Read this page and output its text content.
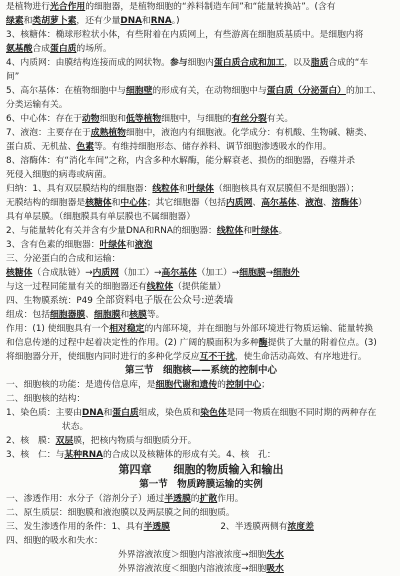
是植物进行光合作用的细胞器，是植物细胞的“养料制造车间”和“能量转换站”。(含有
绿素和类胡萝卜素，还有少量DNA和RNA。)
3、核糖体：椭球形粒状小体，有些附着在内质网上，有些游离在细胞质基质中。是细胞内将
氨基酸合成蛋白质的场所。
4、内质网：由膜结构连接而成的网状物。参与细胞内蛋白质合成和加工，以及脂质合成的“车
间”
5、高尔基体：在植物细胞中与细胞壁的形成有关，在动物细胞中与蛋白质（分泌蛋白）的加工、
分类运输有关。
6、中心体：存在于动物细胞和低等植物细胞中，与细胞的有丝分裂有关。
7、液泡：主要存在于成熟植物细胞中，液泡内有细胞液。化学成分：有机酸、生物碱、糖类、
蛋白质、无机盐、色素等。有维持细胞形态、储存养料、调节细胞渗透吸水的作用。
8、溶酶体：有“消化车间”之称，内含多种水解酶，能分解衰老、损伤的细胞器，吞噬并杀
死侵入细胞的病毒或病菌。
归纳：1、具有双层膜结构的细胞器：线粒体和叶绿体（细胞核具有双层膜但不是细胞器）；
无膜结构的细胞器是核糖体和中心体；其它细胞器（包括内质网、高尔基体、液泡、溶酶体）
具有单层膜。（细胞膜具有单层膜也不属细胞器）
2、与能量转化有关并含有少量DNA和RNA的细胞器：线粒体和叶绿体。
3、含有色素的细胞器：叶绿体和液泡
三、分泌蛋白的合成和运输：
核糖体（合成肽链）→内质网（加工）→高尔基体（加工）→细胞膜→细胞外
与这一过程同能量有关的细胞器还有线粒体（提供能量）
四、生物膜系统：P49 全部资料电子版在公众号:逆袭墙
组成：包括细胞器膜、细胞膜和核膜等。
作用：(1) 使细胞具有一个相对稳定的内部环境，并在细胞与外部环境进行物质运输、能量转换
和信息传递的过程中起着决定性的作用。(2) 广阔的膜面积为多种酶提供了大量的附着位点。(3)
将细胞器分开，使细胞内同时进行的多种化学反应互不干扰，使生命活动高效、有序地进行。
第三节　细胞核——系统的控制中心
一、细胞核的功能：是遗传信息库，是细胞代谢和遗传的控制中心；
二、细胞核的结构：
1、染色质：主要由DNA和蛋白质组成，染色质和染色体是同一物质在细胞不同时期的两种存在
状态。
2、核　膜：双层膜，把核内物质与细胞质分开。
3、核　仁：与某种RNA的合成以及核糖体的形成有关。4、核　孔：
第四章　　细胞的物质输入和输出
第一节　物质跨膜运输的实例
一、渗透作用：水分子（溶剂分子）通过半透膜的扩散作用。
二、原生质层：细胞膜和液泡膜以及两层膜之间的细胞质。
三、发生渗透作用的条件：1、具有半透膜	2、半透膜两侧有浓度差
四、细胞的吸水和失水：
外界溶液浓度＞细胞内溶液浓度→细胞失水
外界溶液浓度＜细胞内溶液浓度→细胞吸水
